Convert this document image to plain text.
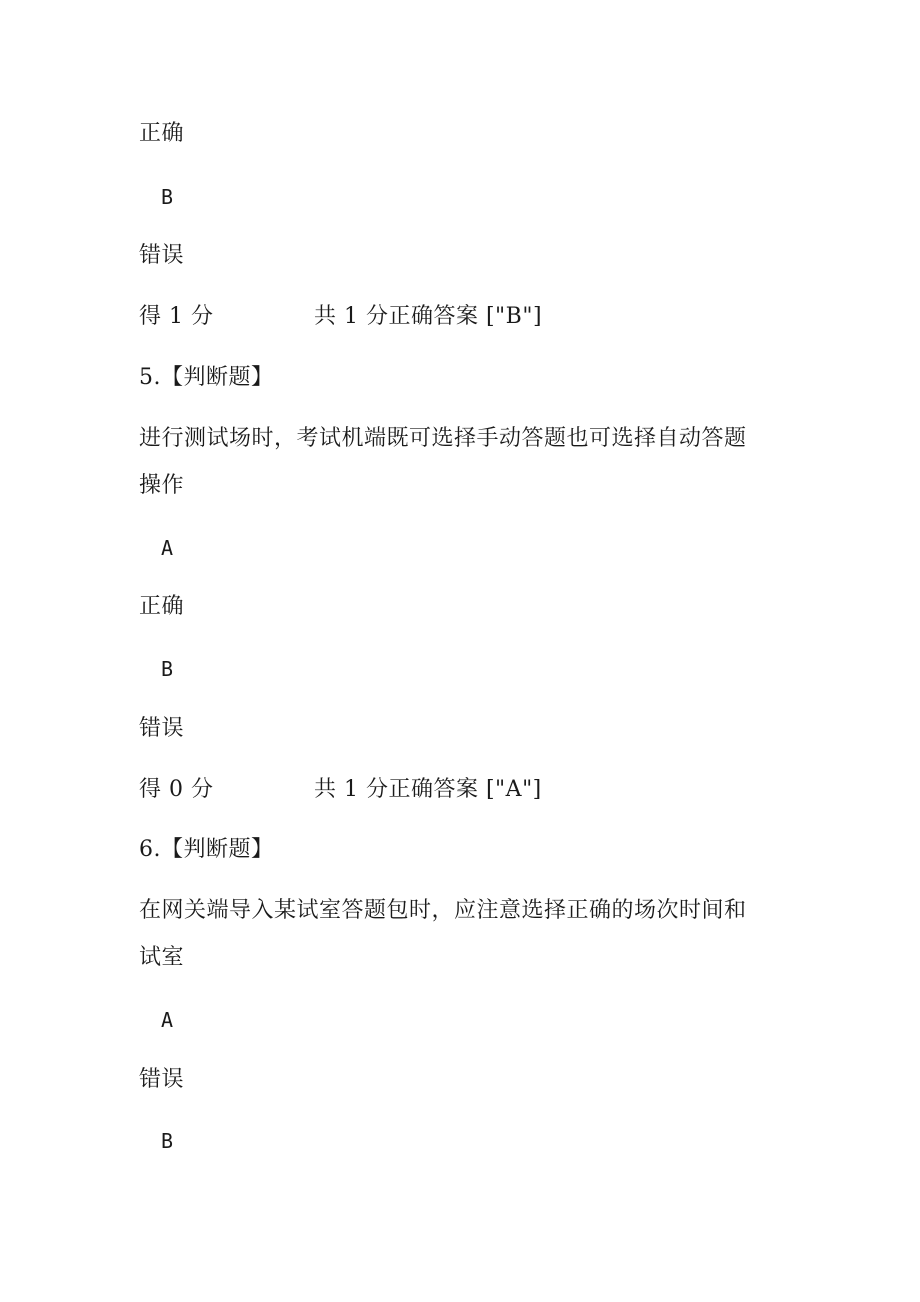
正确
B
错误
得 1 分	共 1 分正确答案 ["B"]
5.【判断题】
进行测试场时，考试机端既可选择手动答题也可选择自动答题
操作
A
正确
B
错误
得 0 分	共 1 分正确答案 ["A"]
6.【判断题】
在网关端导入某试室答题包时，应注意选择正确的场次时间和
试室
A
错误
B
